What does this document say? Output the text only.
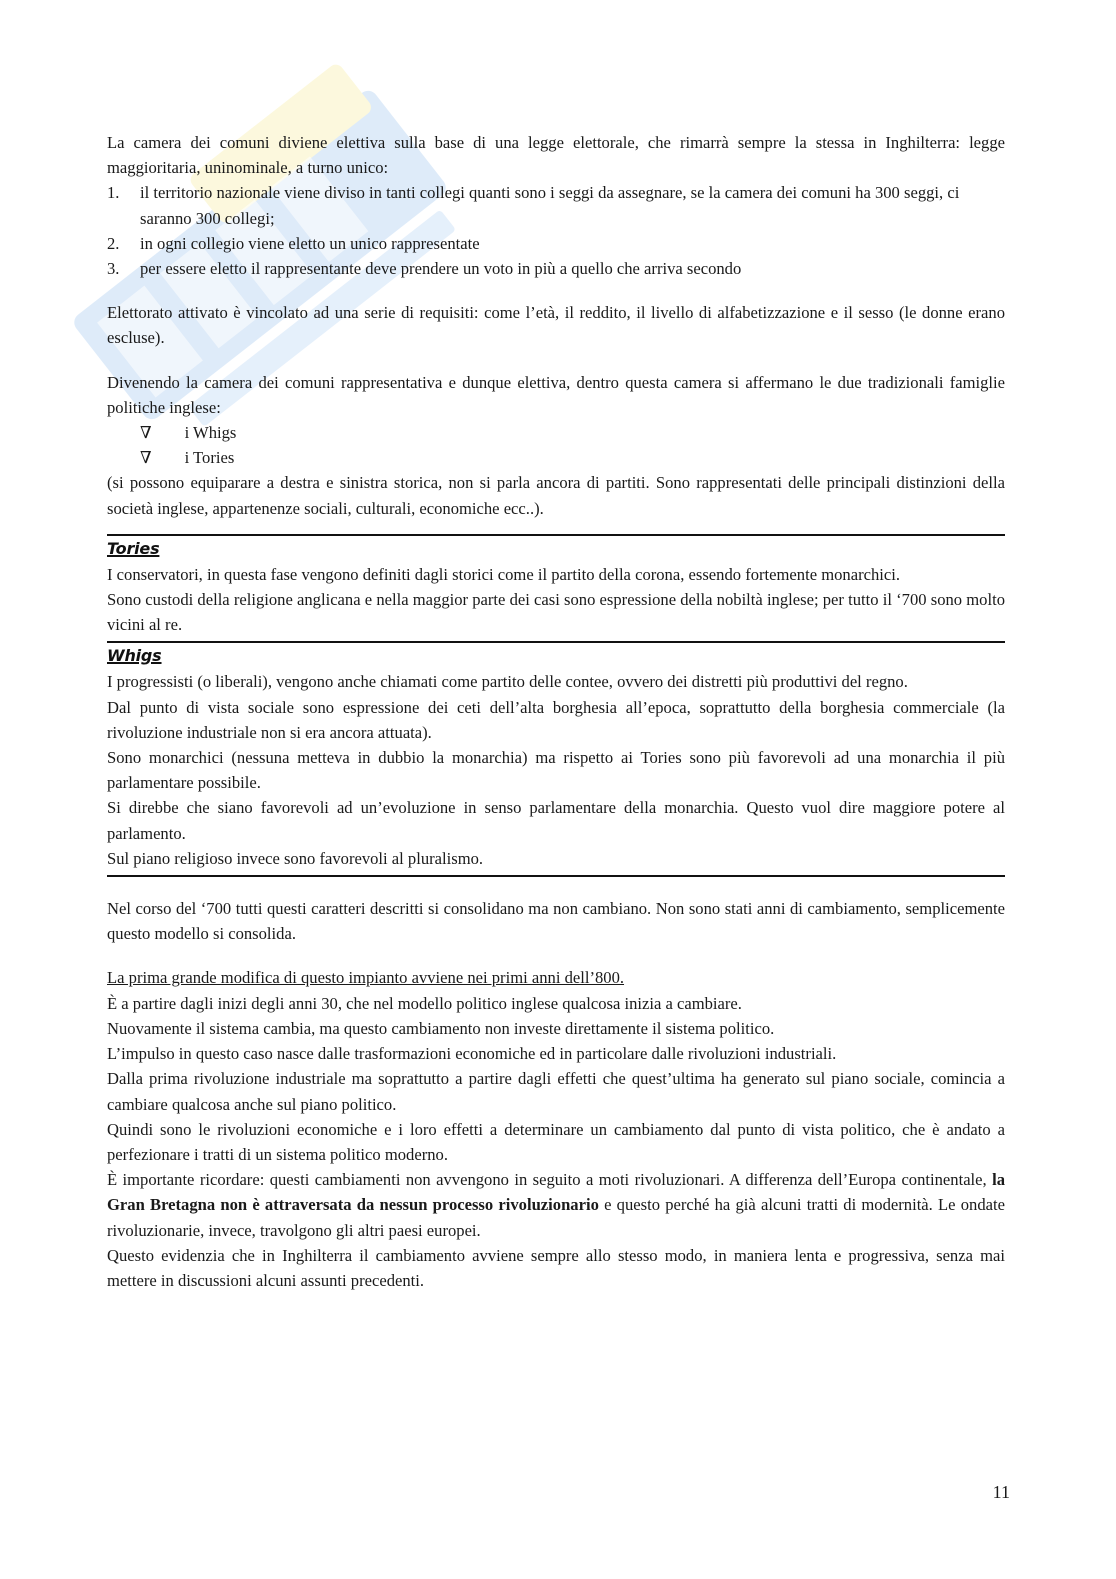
La camera dei comuni diviene elettiva sulla base di una legge elettorale, che rimarrà sempre la stessa in Inghilterra: legge maggioritaria, uninominale, a turno unico:

1. il territorio nazionale viene diviso in tanti collegi quanti sono i seggi da assegnare, se la camera dei comuni ha 300 seggi, ci saranno 300 collegi;
2. in ogni collegio viene eletto un unico rappresentate
3. per essere eletto il rappresentante deve prendere un voto in più a quello che arriva secondo

Elettorato attivato è vincolato ad una serie di requisiti: come l’età, il reddito, il livello di alfabetizzazione e il sesso (le donne erano escluse).

Divenendo la camera dei comuni rappresentativa e dunque elettiva, dentro questa camera si affermano le due tradizionali famiglie politiche inglese:

∇ i Whigs
∇ i Tories

(si possono equiparare a destra e sinistra storica, non si parla ancora di partiti. Sono rappresentati delle principali distinzioni della società inglese, appartenenze sociali, culturali, economiche ecc..).

Tories

I conservatori, in questa fase vengono definiti dagli storici come il partito della corona, essendo fortemente monarchici.

Sono custodi della religione anglicana e nella maggior parte dei casi sono espressione della nobiltà inglese; per tutto il ‘700 sono molto vicini al re.

Whigs

I progressisti (o liberali), vengono anche chiamati come partito delle contee, ovvero dei distretti più produttivi del regno.

Dal punto di vista sociale sono espressione dei ceti dell’alta borghesia all’epoca, soprattutto della borghesia commerciale (la rivoluzione industriale non si era ancora attuata).

Sono monarchici (nessuna metteva in dubbio la monarchia) ma rispetto ai Tories sono più favorevoli ad una monarchia il più parlamentare possibile.

Si direbbe che siano favorevoli ad un’evoluzione in senso parlamentare della monarchia. Questo vuol dire maggiore potere al parlamento.

Sul piano religioso invece sono favorevoli al pluralismo.

Nel corso del ‘700 tutti questi caratteri descritti si consolidano ma non cambiano. Non sono stati anni di cambiamento, semplicemente questo modello si consolida.

La prima grande modifica di questo impianto avviene nei primi anni dell’800.

È a partire dagli inizi degli anni 30, che nel modello politico inglese qualcosa inizia a cambiare.

Nuovamente il sistema cambia, ma questo cambiamento non investe direttamente il sistema politico.

L’impulso in questo caso nasce dalle trasformazioni economiche ed in particolare dalle rivoluzioni industriali.

Dalla prima rivoluzione industriale ma soprattutto a partire dagli effetti che quest’ultima ha generato sul piano sociale, comincia a cambiare qualcosa anche sul piano politico.

Quindi sono le rivoluzioni economiche e i loro effetti a determinare un cambiamento dal punto di vista politico, che è andato a perfezionare i tratti di un sistema politico moderno.

È importante ricordare: questi cambiamenti non avvengono in seguito a moti rivoluzionari. A differenza dell’Europa continentale, la Gran Bretagna non è attraversata da nessun processo rivoluzionario e questo perché ha già alcuni tratti di modernità. Le ondate rivoluzionarie, invece, travolgono gli altri paesi europei.

Questo evidenzia che in Inghilterra il cambiamento avviene sempre allo stesso modo, in maniera lenta e progressiva, senza mai mettere in discussioni alcuni assunti precedenti.

11
